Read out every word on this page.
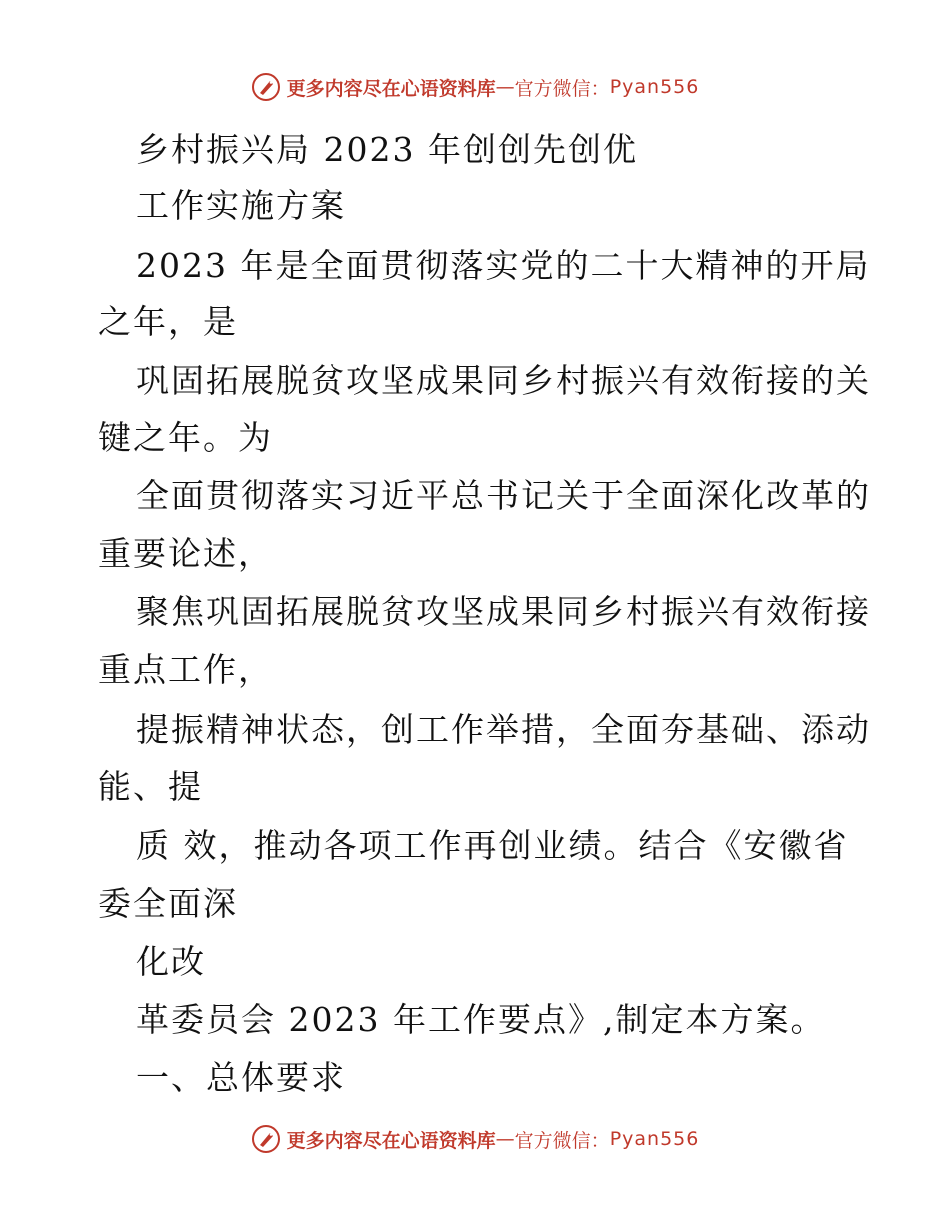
更多内容尽在心语资料库 — 官方微信： Pyan556
乡村振兴局 2023 年创创先创优
工作实施方案
2023 年是全面贯彻落实党的二十大精神的开局
之年，是
巩固拓展脱贫攻坚成果同乡村振兴有效衔接的关
键之年。为
全面贯彻落实习近平总书记关于全面深化改革的
重要论述，
聚焦巩固拓展脱贫攻坚成果同乡村振兴有效衔接
重点工作，
提振精神状态，创工作举措，全面夯基础、添动
能、提
质 效，推动各项工作再创业绩。结合《安徽省
委全面深
化改
革委员会 2023 年工作要点》,制定本方案。
一、总体要求
更多内容尽在心语资料库 — 官方微信： Pyan556
